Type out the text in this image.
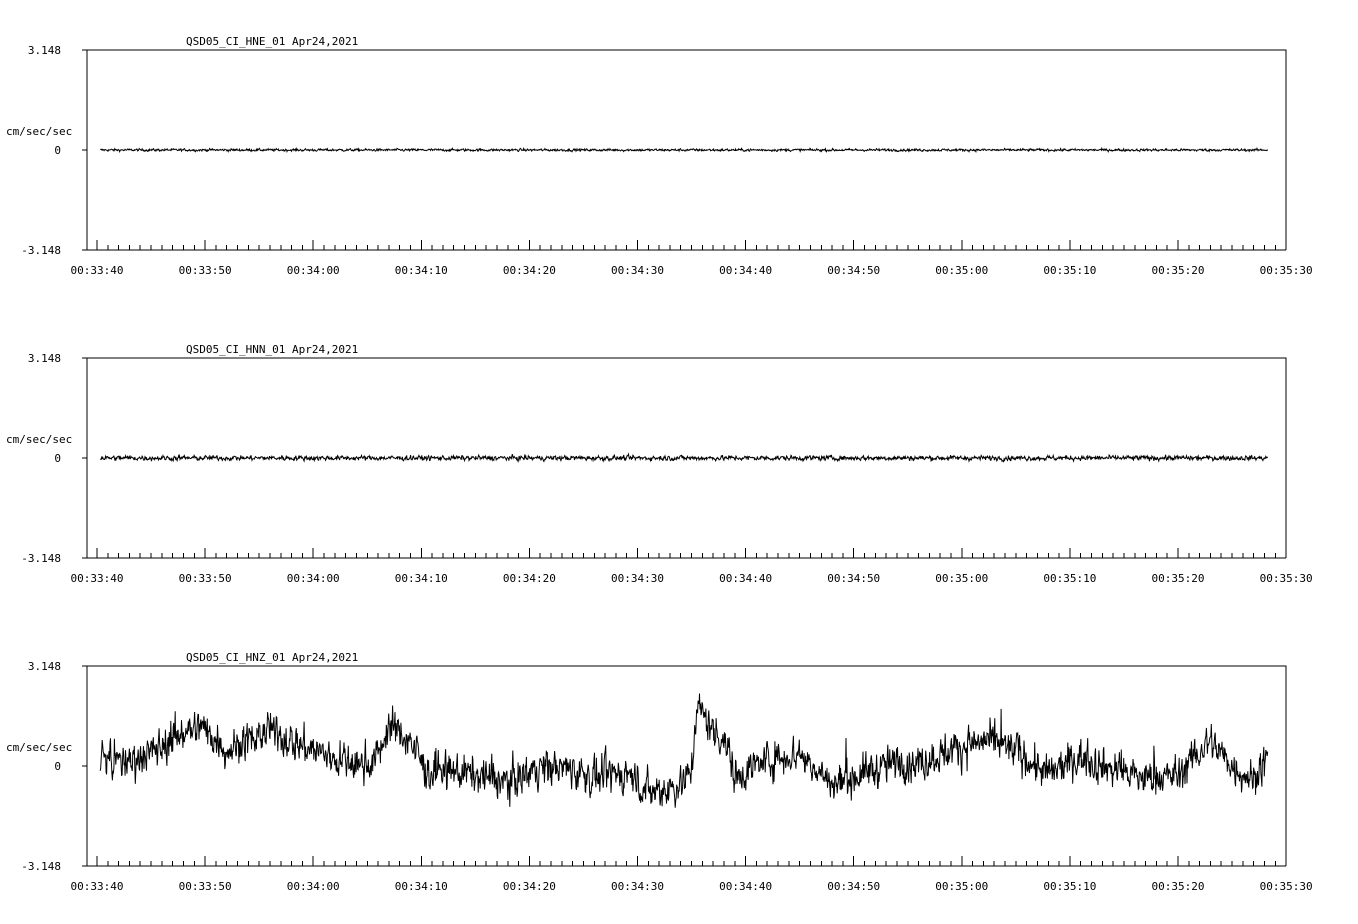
QSD05_CI_HNE_01 Apr24,2021
3.148
0
-3.148
cm/sec/sec
00:33:40	00:33:50	00:34:00	00:34:10	00:34:20	00:34:30	00:34:40	00:34:50	00:35:00	00:35:10	00:35:20	00:35:30
QSD05_CI_HNN_01 Apr24,2021
3.148
0
-3.148
cm/sec/sec
00:33:40	00:33:50	00:34:00	00:34:10	00:34:20	00:34:30	00:34:40	00:34:50	00:35:00	00:35:10	00:35:20	00:35:30
QSD05_CI_HNZ_01 Apr24,2021
3.148
0
-3.148
cm/sec/sec
00:33:40	00:33:50	00:34:00	00:34:10	00:34:20	00:34:30	00:34:40	00:34:50	00:35:00	00:35:10	00:35:20	00:35:30
